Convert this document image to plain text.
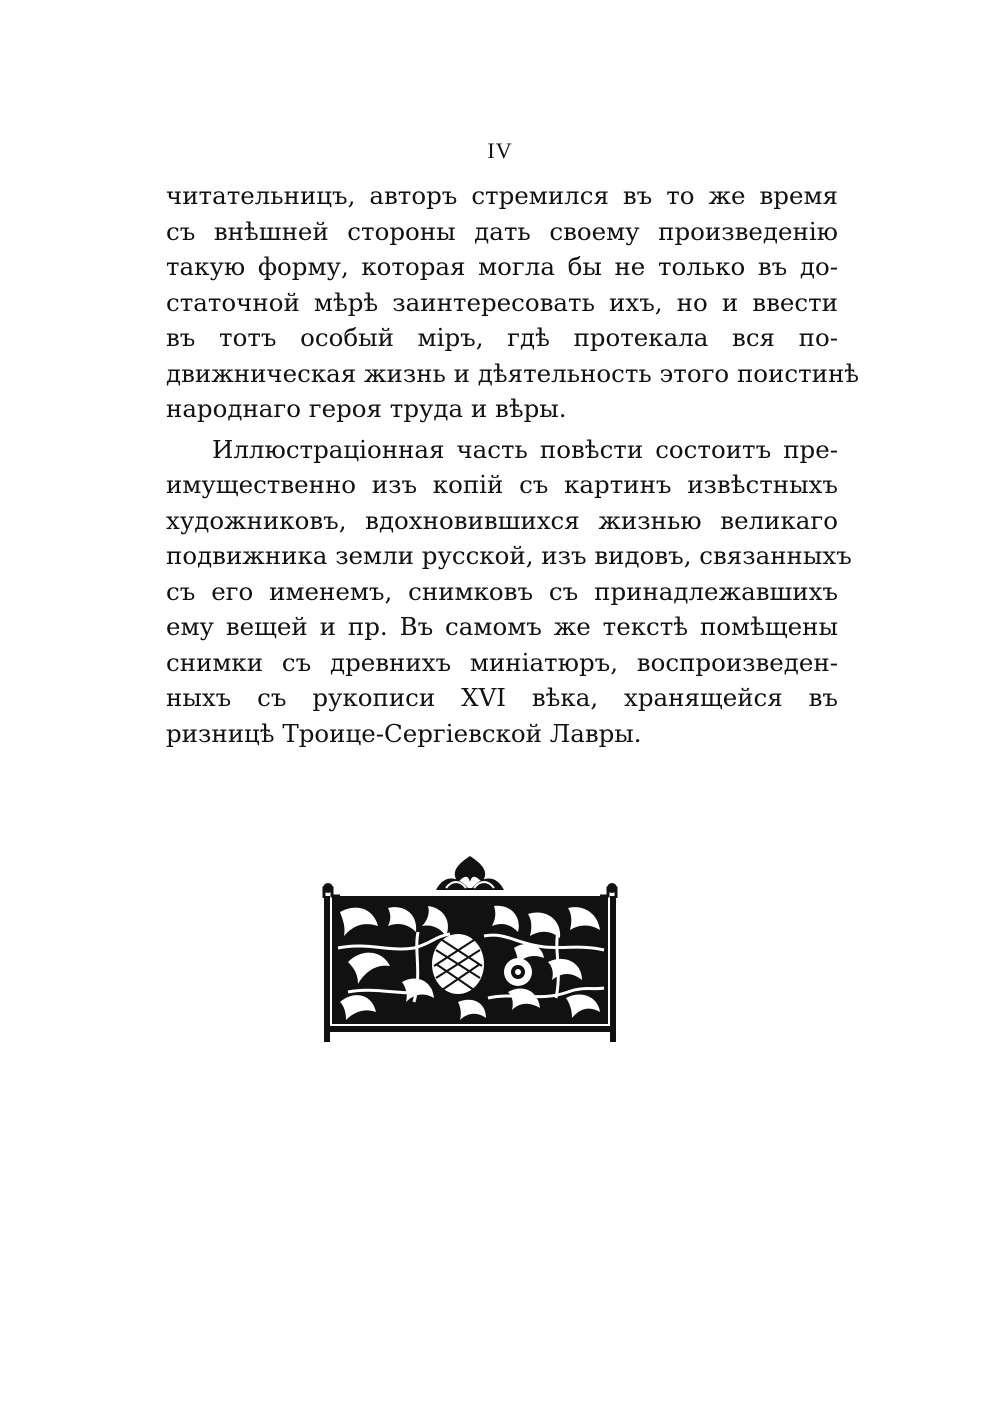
IV
читательницъ, авторъ стремился въ то же время
съ внѣшней стороны дать своему произведенію
такую форму, которая могла бы не только въ до-
статочной мѣрѣ заинтересовать ихъ, но и ввести
въ тотъ особый міръ, гдѣ протекала вся по-
движническая жизнь и дѣятельность этого поистинѣ
народнаго героя труда и вѣры.
Иллюстраціонная часть повѣсти состоитъ пре-
имущественно изъ копій съ картинъ извѣстныхъ
художниковъ, вдохновившихся жизнью великаго
подвижника земли русской, изъ видовъ, связанныхъ
съ его именемъ, снимковъ съ принадлежавшихъ
ему вещей и пр. Въ самомъ же текстѣ помѣщены
снимки съ древнихъ миніатюръ, воспроизведен-
ныхъ съ рукописи XVI вѣка, хранящейся въ
ризницѣ Троице-Сергіевской Лавры.
